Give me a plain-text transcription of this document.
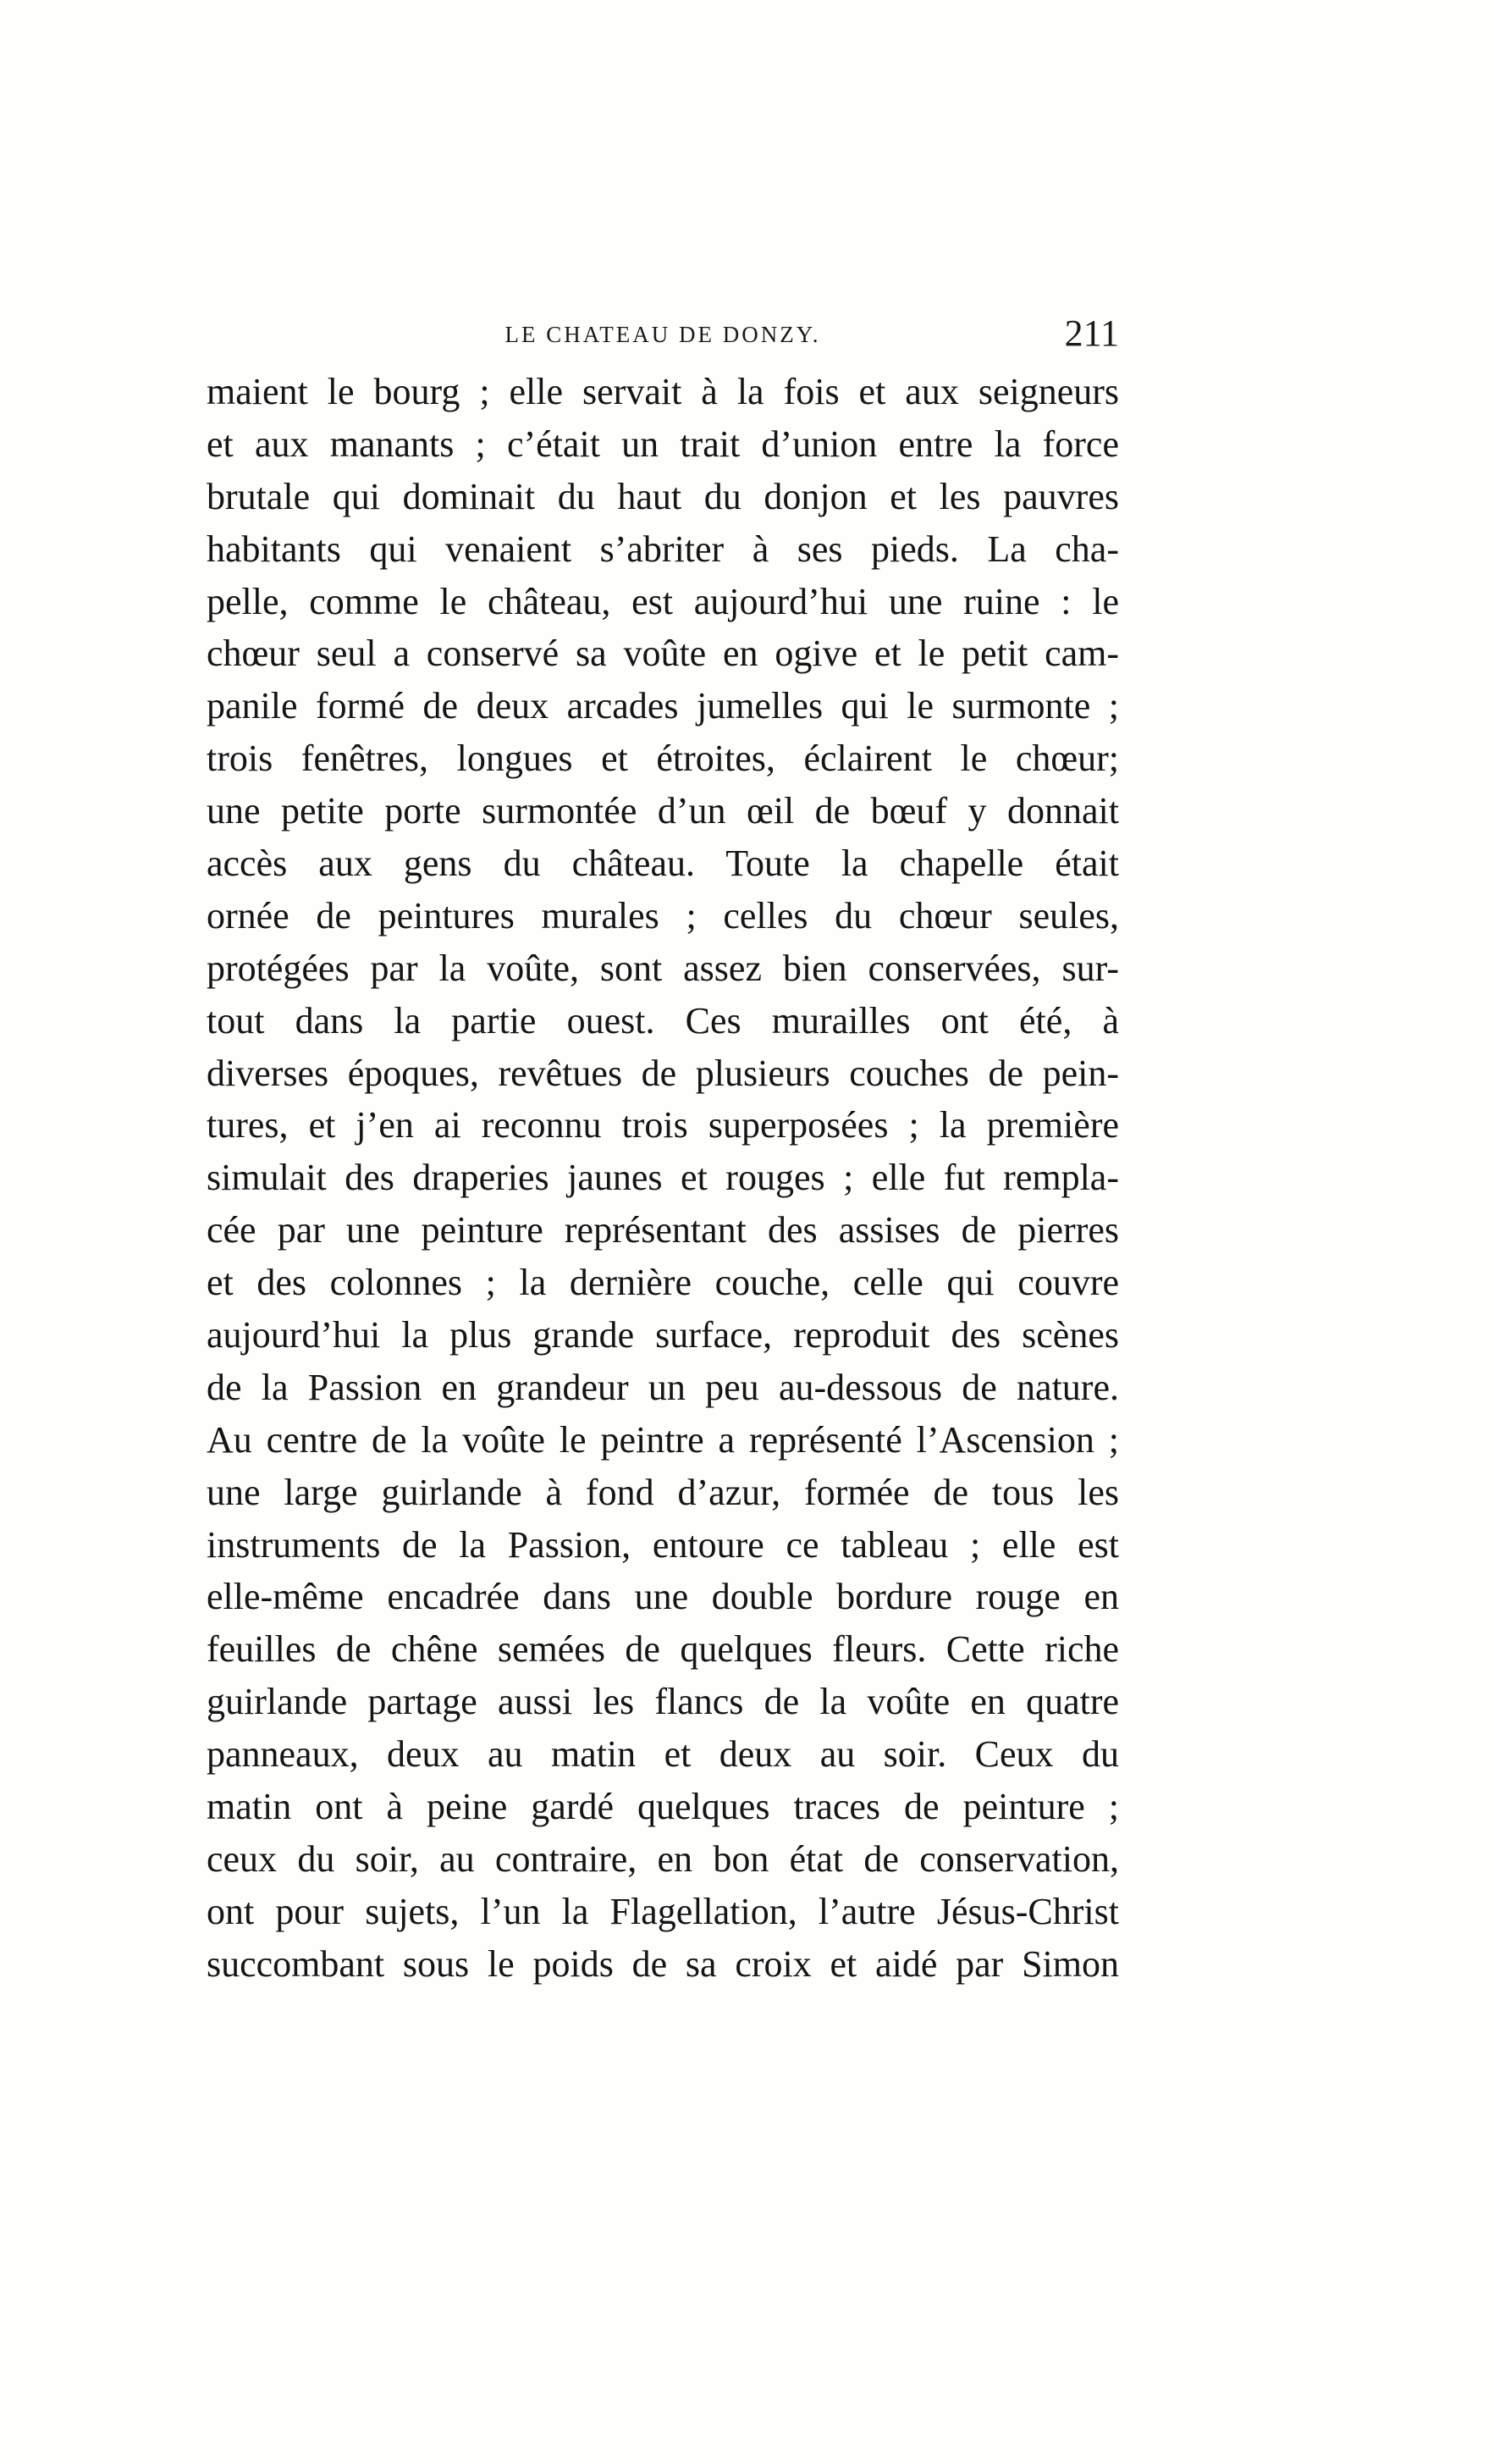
LE CHATEAU DE DONZY.	211
maient le bourg ; elle servait à la fois et aux seigneurs
et aux manants ; c’était un trait d’union entre la force
brutale qui dominait du haut du donjon et les pauvres
habitants qui venaient s’abriter à ses pieds. La cha-
pelle, comme le château, est aujourd’hui une ruine : le
chœur seul a conservé sa voûte en ogive et le petit cam-
panile formé de deux arcades jumelles qui le surmonte ;
trois fenêtres, longues et étroites, éclairent le chœur;
une petite porte surmontée d’un œil de bœuf y donnait
accès aux gens du château. Toute la chapelle était
ornée de peintures murales ; celles du chœur seules,
protégées par la voûte, sont assez bien conservées, sur-
tout dans la partie ouest. Ces murailles ont été, à
diverses époques, revêtues de plusieurs couches de pein-
tures, et j’en ai reconnu trois superposées ; la première
simulait des draperies jaunes et rouges ; elle fut rempla-
cée par une peinture représentant des assises de pierres
et des colonnes ; la dernière couche, celle qui couvre
aujourd’hui la plus grande surface, reproduit des scènes
de la Passion en grandeur un peu au-dessous de nature.
Au centre de la voûte le peintre a représenté l’Ascension ;
une large guirlande à fond d’azur, formée de tous les
instruments de la Passion, entoure ce tableau ; elle est
elle-même encadrée dans une double bordure rouge en
feuilles de chêne semées de quelques fleurs. Cette riche
guirlande partage aussi les flancs de la voûte en quatre
panneaux, deux au matin et deux au soir. Ceux du
matin ont à peine gardé quelques traces de peinture ;
ceux du soir, au contraire, en bon état de conservation,
ont pour sujets, l’un la Flagellation, l’autre Jésus-Christ
succombant sous le poids de sa croix et aidé par Simon
